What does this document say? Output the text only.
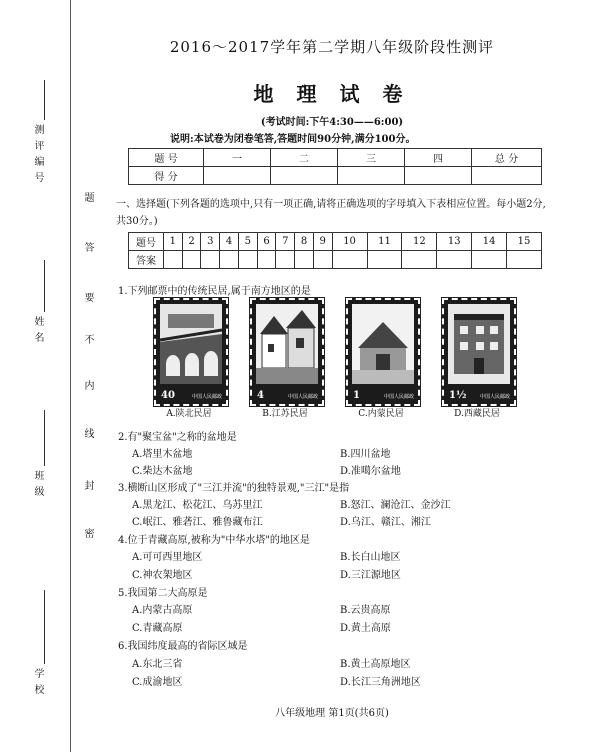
测评编号
姓名
班级
学校
题
答
要
不
内
线
封
密
2016～2017学年第二学期八年级阶段性测评
地 理 试 卷
(考试时间:下午4:30——6:00)
说明:本试卷为闭卷笔答,答题时间90分钟,满分100分。
题 号	一	二	三	四	总 分
得 分					
一、选择题(下列各题的选项中,只有一项正确,请将正确选项的字母填入下表相应位置。每小题2分,共30分。)
题号	1	2	3	4	5	6	7	8	9	10	11	12	13	14	15
答案															
1.下列邮票中的传统民居,属于南方地区的是
40	中国人民邮政
A.陕北民居
4	中国人民邮政
B.江苏民居
1	中国人民邮政
C.内蒙民居
1½	中国人民邮政
D.西藏民居
2.有"聚宝盆"之称的盆地是
A.塔里木盆地	B.四川盆地
C.柴达木盆地	D.准噶尔盆地
3.横断山区形成了"三江并流"的独特景观,"三江"是指
A.黑龙江、松花江、乌苏里江	B.怒江、澜沧江、金沙江
C.岷江、雅砻江、雅鲁藏布江	D.乌江、赣江、湘江
4.位于青藏高原,被称为"中华水塔"的地区是
A.可可西里地区	B.长白山地区
C.神农架地区	D.三江源地区
5.我国第二大高原是
A.内蒙古高原	B.云贵高原
C.青藏高原	D.黄土高原
6.我国纬度最高的省际区域是
A.东北三省	B.黄土高原地区
C.成渝地区	D.长江三角洲地区
八年级地理 第1页(共6页)
